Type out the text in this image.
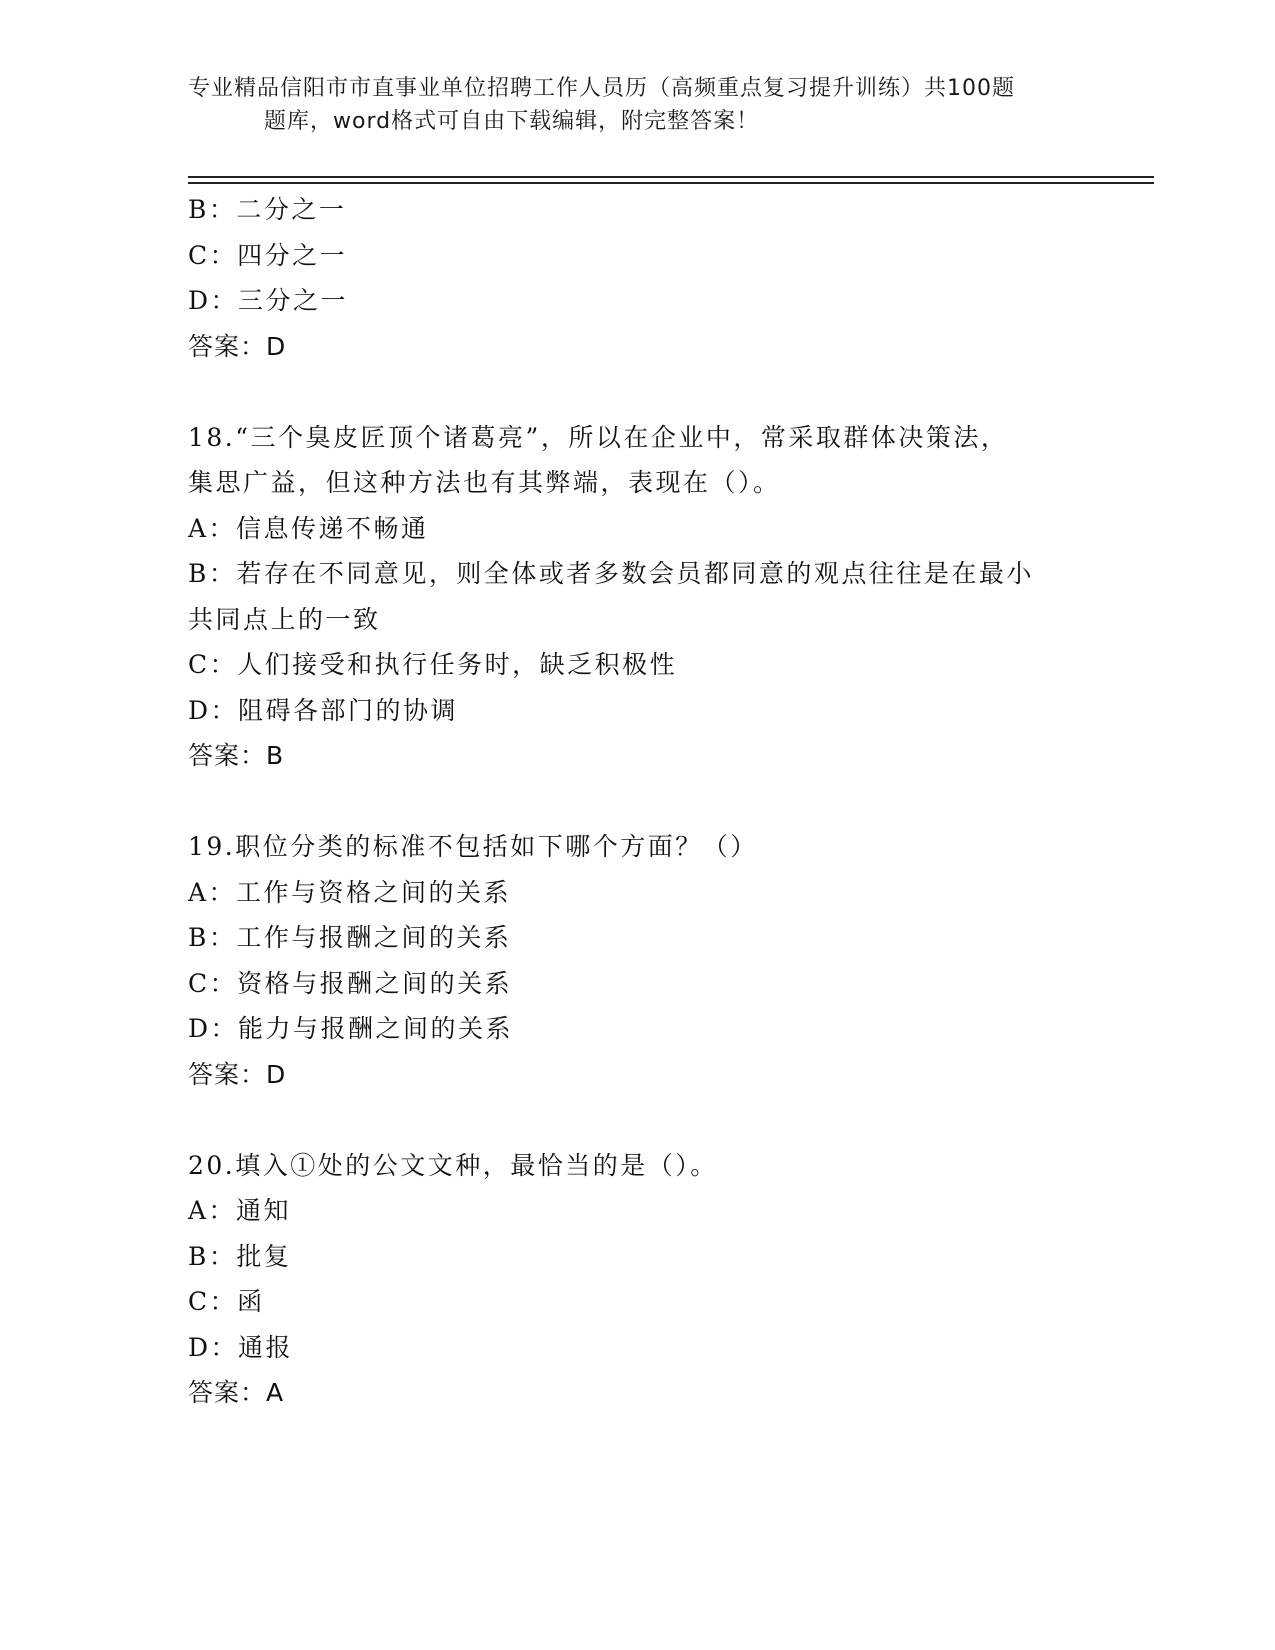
专业精品信阳市市直事业单位招聘工作人员历（高频重点复习提升训练）共100题
题库，word格式可自由下载编辑，附完整答案！
B：二分之一
C：四分之一
D：三分之一
答案：D
18.“三个臭皮匠顶个诸葛亮”，所以在企业中，常采取群体决策法，
集思广益，但这种方法也有其弊端，表现在（）。
A：信息传递不畅通
B：若存在不同意见，则全体或者多数会员都同意的观点往往是在最小
共同点上的一致
C：人们接受和执行任务时，缺乏积极性
D：阻碍各部门的协调
答案：B
19.职位分类的标准不包括如下哪个方面？（）
A：工作与资格之间的关系
B：工作与报酬之间的关系
C：资格与报酬之间的关系
D：能力与报酬之间的关系
答案：D
20.填入①处的公文文种，最恰当的是（）。
A：通知
B：批复
C：函
D：通报
答案：A
